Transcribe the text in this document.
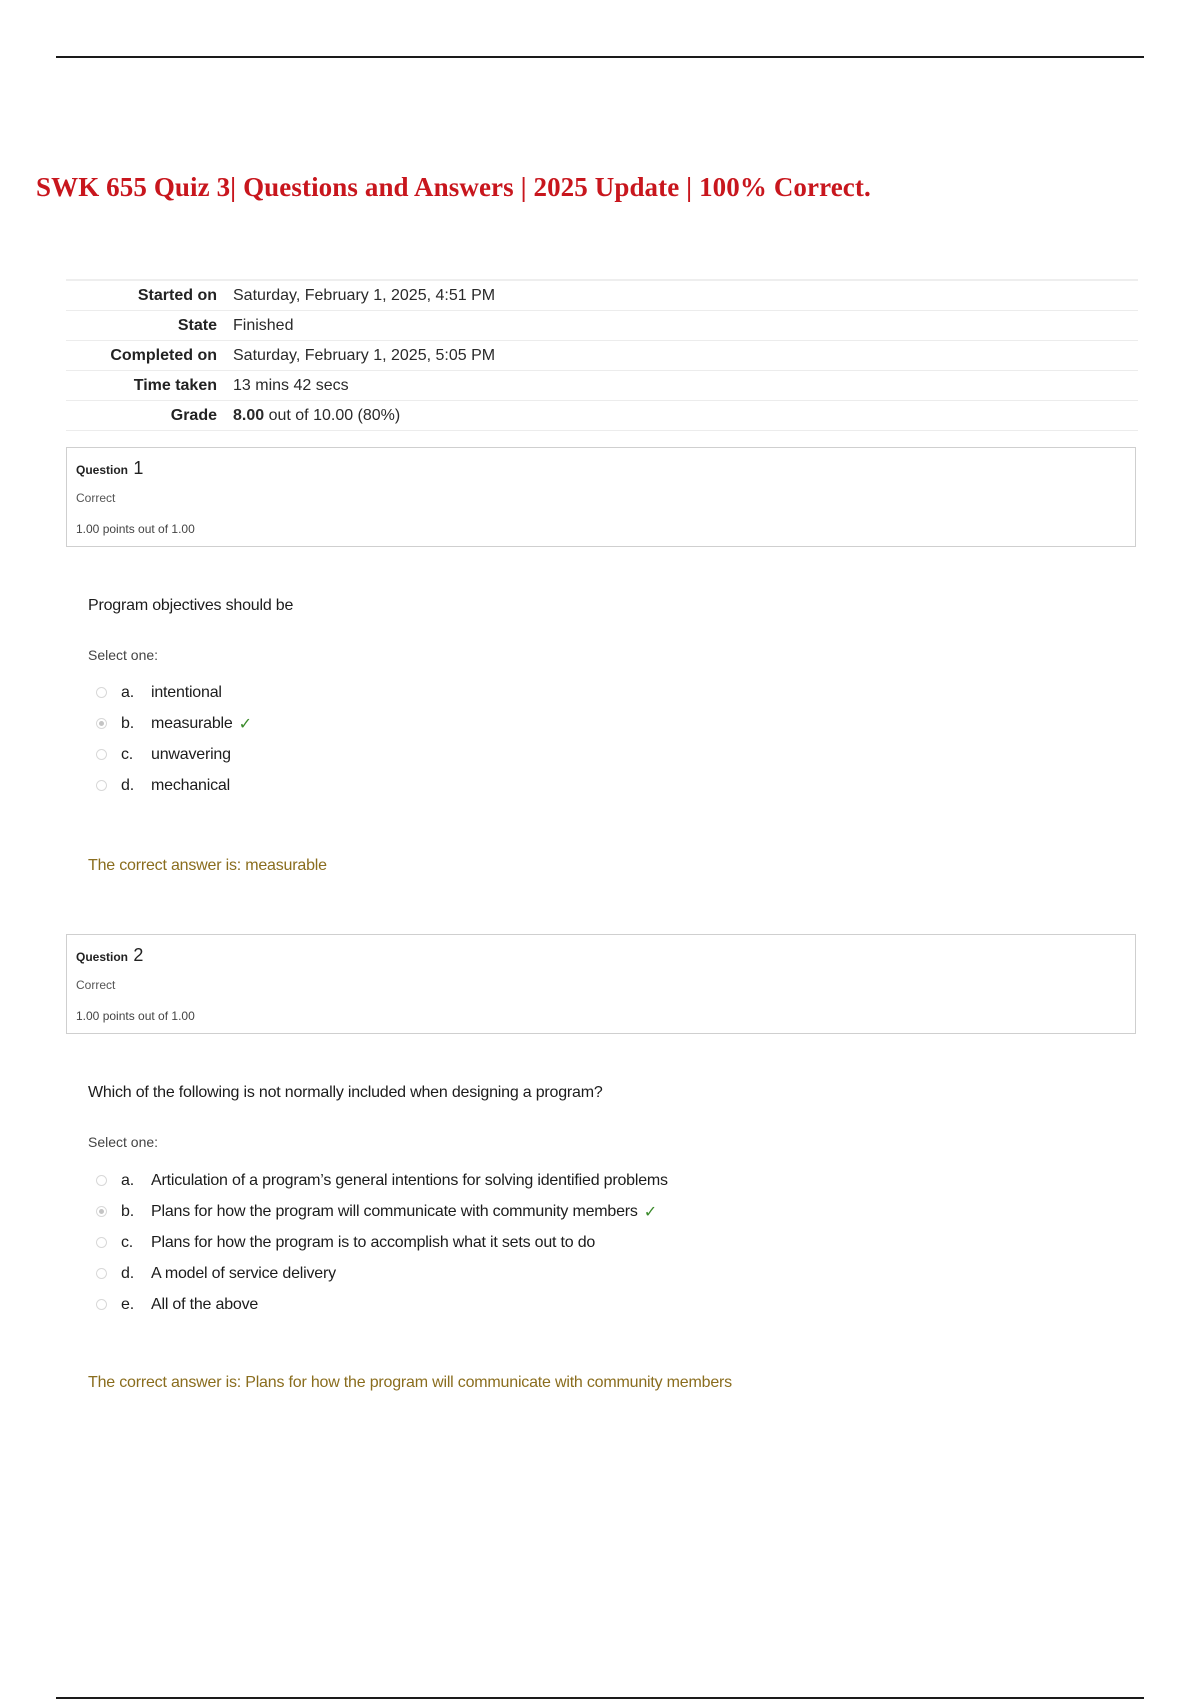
SWK 655 Quiz 3| Questions and Answers | 2025 Update | 100% Correct.
Started on	Saturday, February 1, 2025, 4:51 PM
State	Finished
Completed on	Saturday, February 1, 2025, 5:05 PM
Time taken	13 mins 42 secs
Grade	8.00 out of 10.00 (80%)
Question 1
Correct
1.00 points out of 1.00
Program objectives should be
Select one:
a.	intentional
b.	measurable ✓
c.	unwavering
d.	mechanical
The correct answer is: measurable
Question 2
Correct
1.00 points out of 1.00
Which of the following is not normally included when designing a program?
Select one:
a.	Articulation of a program’s general intentions for solving identified problems
b.	Plans for how the program will communicate with community members ✓
c.	Plans for how the program is to accomplish what it sets out to do
d.	A model of service delivery
e.	All of the above
The correct answer is: Plans for how the program will communicate with community members
